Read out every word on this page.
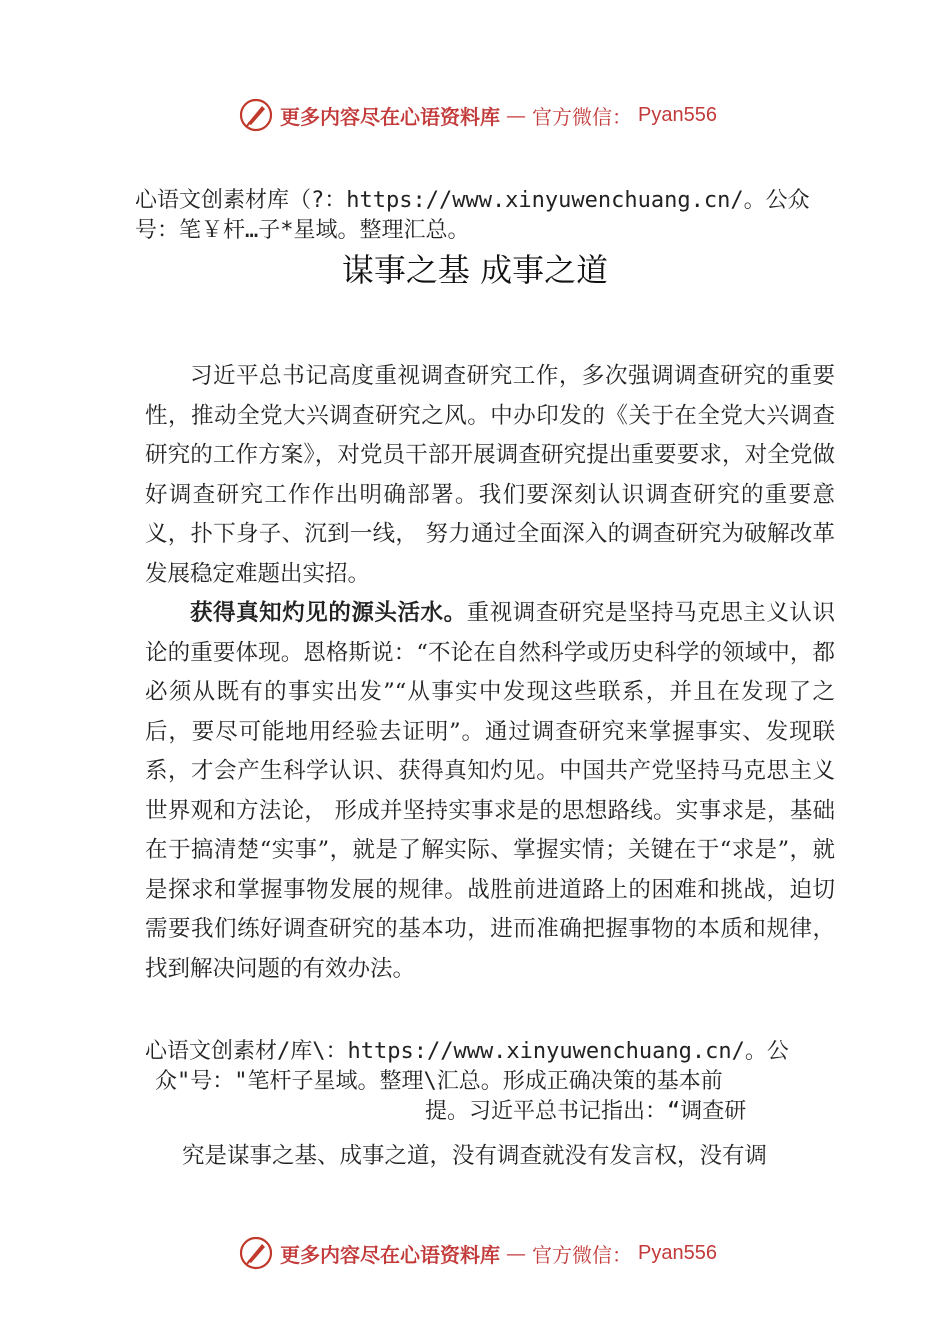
更多内容尽在心语资料库 — 官方微信： Pyan556
心语文创素材库（?：https://www.xinyuwenchuang.cn/。公众号：笔￥杆…子*星域。整理汇总。
谋事之基 成事之道

习近平总书记高度重视调查研究工作，多次强调调查研究的重要性，推动全党大兴调查研究之风。中办印发的《关于在全党大兴调查研究的工作方案》，对党员干部开展调查研究提出重要要求，对全党做好调查研究工作作出明确部署。我们要深刻认识调查研究的重要意义，扑下身子、沉到一线， 努力通过全面深入的调查研究为破解改革发展稳定难题出实招。

获得真知灼见的源头活水。重视调查研究是坚持马克思主义认识论的重要体现。恩格斯说：“不论在自然科学或历史科学的领域中，都必须从既有的事实出发”“从事实中发现这些联系，并且在发现了之后，要尽可能地用经验去证明”。通过调查研究来掌握事实、发现联系，才会产生科学认识、获得真知灼见。中国共产党坚持马克思主义世界观和方法论， 形成并坚持实事求是的思想路线。实事求是，基础在于搞清楚“实事”，就是了解实际、掌握实情；关键在于“求是”，就是探求和掌握事物发展的规律。战胜前进道路上的困难和挑战，迫切需要我们练好调查研究的基本功，进而准确把握事物的本质和规律，找到解决问题的有效办法。

心语文创素材/库\：https://www.xinyuwenchuang.cn/。公
众"号："笔杆子星域。整理\汇总。形成正确决策的基本前
提。习近平总书记指出：“调查研
究是谋事之基、成事之道，没有调查就没有发言权，没有调
更多内容尽在心语资料库 — 官方微信： Pyan556
